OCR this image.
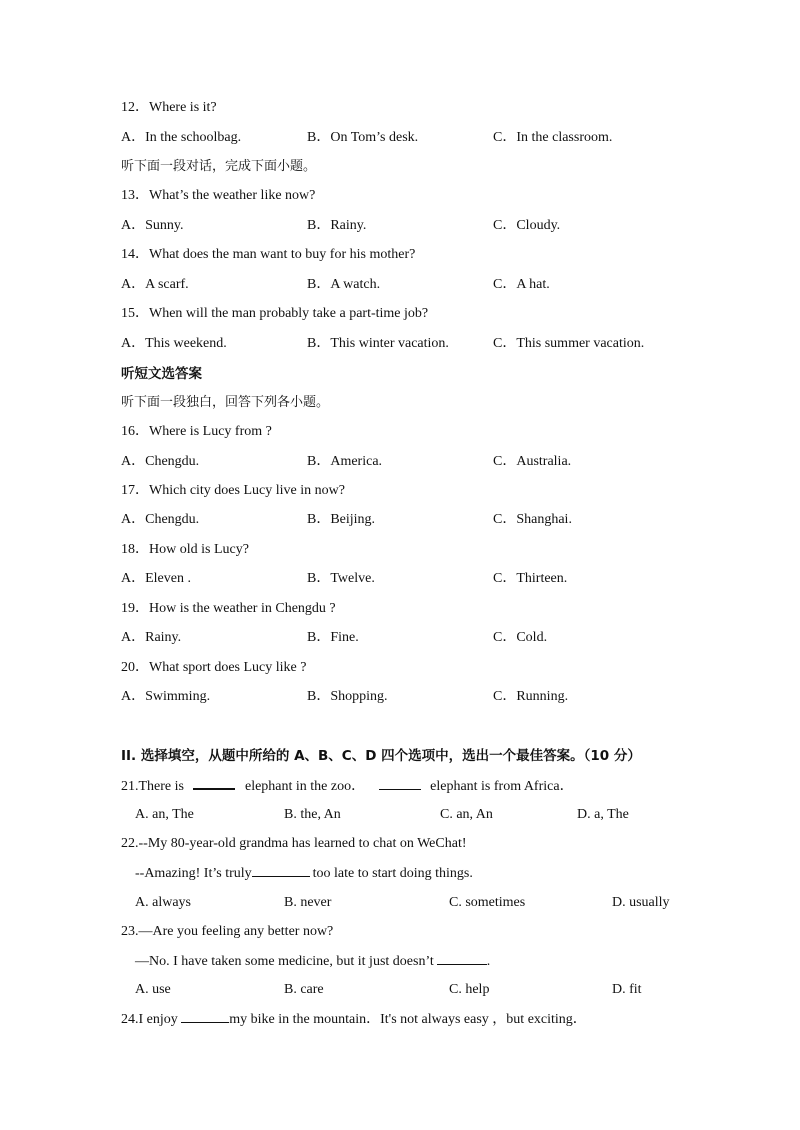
12．Where is it?
A．In the schoolbag.	B．On Tom’s desk.	C．In the classroom.
听下面一段对话，完成下面小题。
13．What’s the weather like now?
A．Sunny.	B．Rainy.	C．Cloudy.
14．What does the man want to buy for his mother?
A．A scarf.	B．A watch.	C．A hat.
15．When will the man probably take a part-time job?
A．This weekend.	B．This winter vacation.	C．This summer vacation.
听短文选答案
听下面一段独白，回答下列各小题。
16．Where is Lucy from ?
A．Chengdu.	B．America.	C．Australia.
17．Which city does Lucy live in now?
A．Chengdu.	B．Beijing.	C．Shanghai.
18．How old is Lucy?
A．Eleven .	B．Twelve.	C．Thirteen.
19．How is the weather in Chengdu ?
A．Rainy.	B．Fine.	C．Cold.
20．What sport does Lucy like ?
A．Swimming.	B．Shopping.	C．Running.
II. 选择填空，从题中所给的 A、B、C、D 四个选项中，选出一个最佳答案。（10 分）
21.There is	elephant in the zoo．	elephant is from Africa．
A. an, The	B. the, An	C. an, An	D. a, The
22.--My 80-year-old grandma has learned to chat on WeChat!
--Amazing! It’s truly	too late to start doing things.
A. always	B. never	C. sometimes	D. usually
23.—Are you feeling any better now?
—No. I have taken some medicine, but it just doesn’t	.
A. use	B. care	C. help	D. fit
24.I enjoy	my bike in the mountain．It's not always easy ，but exciting．
